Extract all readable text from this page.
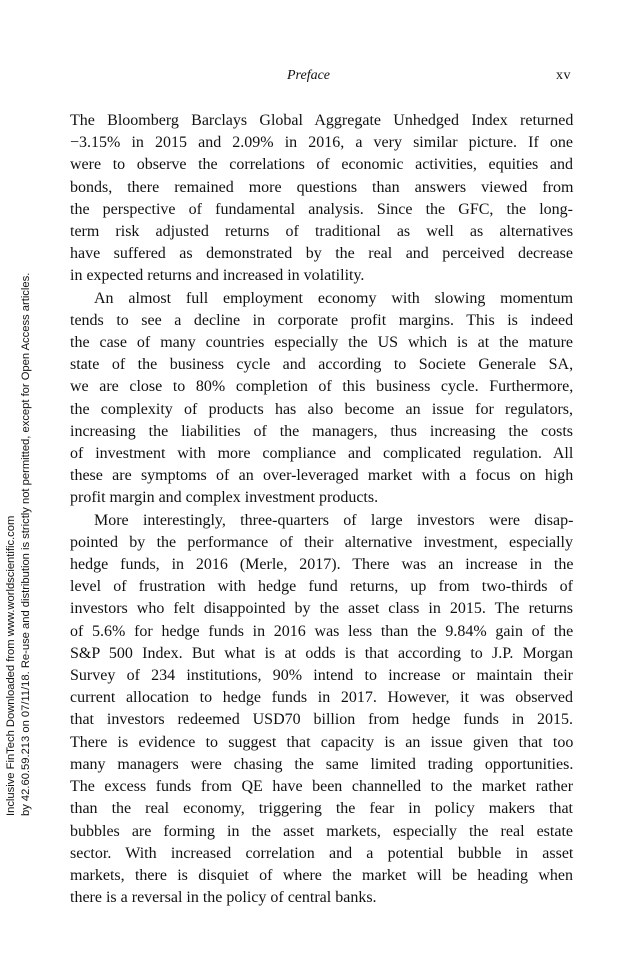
Preface	xv
Inclusive FinTech Downloaded from www.worldscientific.com by 42.60.59.213 on 07/11/18. Re-use and distribution is strictly not permitted, except for Open Access articles.
The Bloomberg Barclays Global Aggregate Unhedged Index returned
−3.15% in 2015 and 2.09% in 2016, a very similar picture. If one
were to observe the correlations of economic activities, equities and
bonds, there remained more questions than answers viewed from
the perspective of fundamental analysis. Since the GFC, the long-
term risk adjusted returns of traditional as well as alternatives
have suffered as demonstrated by the real and perceived decrease
in expected returns and increased in volatility.
An almost full employment economy with slowing momentum
tends to see a decline in corporate profit margins. This is indeed
the case of many countries especially the US which is at the mature
state of the business cycle and according to Societe Generale SA,
we are close to 80% completion of this business cycle. Furthermore,
the complexity of products has also become an issue for regulators,
increasing the liabilities of the managers, thus increasing the costs
of investment with more compliance and complicated regulation. All
these are symptoms of an over-leveraged market with a focus on high
profit margin and complex investment products.
More interestingly, three-quarters of large investors were disap-
pointed by the performance of their alternative investment, especially
hedge funds, in 2016 (Merle, 2017). There was an increase in the
level of frustration with hedge fund returns, up from two-thirds of
investors who felt disappointed by the asset class in 2015. The returns
of 5.6% for hedge funds in 2016 was less than the 9.84% gain of the
S&P 500 Index. But what is at odds is that according to J.P. Morgan
Survey of 234 institutions, 90% intend to increase or maintain their
current allocation to hedge funds in 2017. However, it was observed
that investors redeemed USD70 billion from hedge funds in 2015.
There is evidence to suggest that capacity is an issue given that too
many managers were chasing the same limited trading opportunities.
The excess funds from QE have been channelled to the market rather
than the real economy, triggering the fear in policy makers that
bubbles are forming in the asset markets, especially the real estate
sector. With increased correlation and a potential bubble in asset
markets, there is disquiet of where the market will be heading when
there is a reversal in the policy of central banks.
